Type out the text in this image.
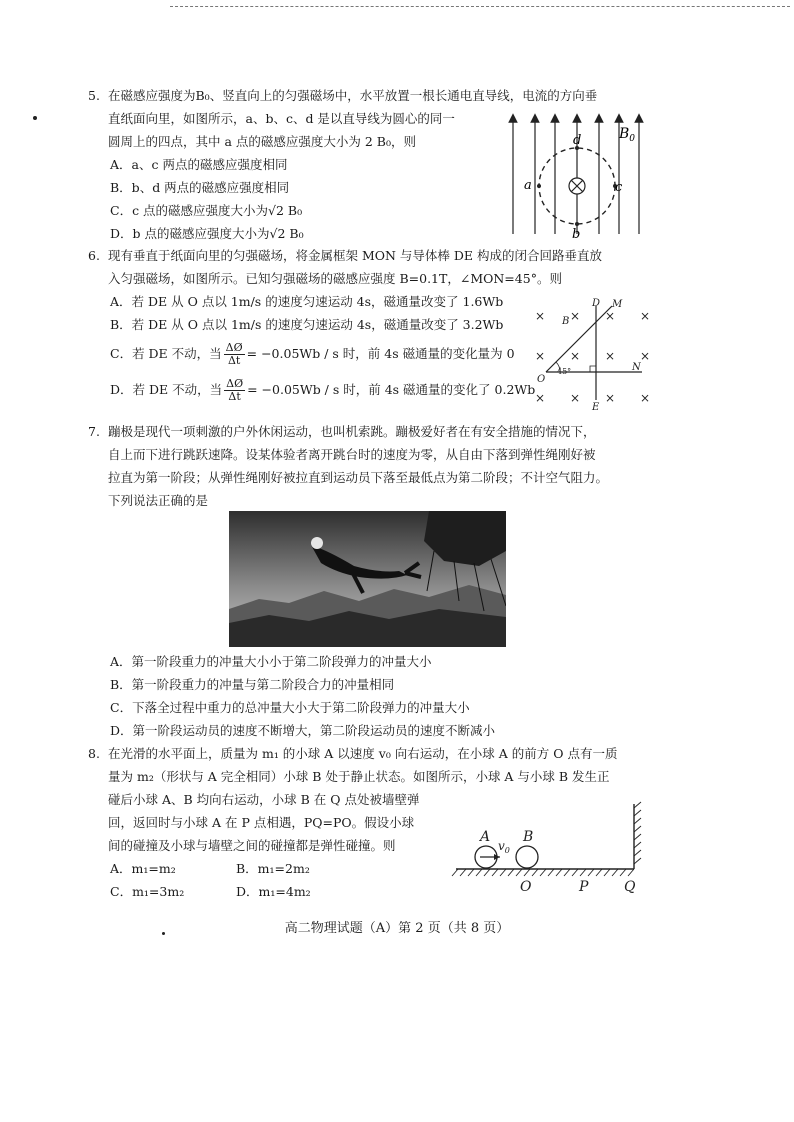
5. 在磁感应强度为B₀、竖直向上的匀强磁场中，水平放置一根长通电直导线，电流的方向垂
直纸面向里，如图所示，a、b、c、d 是以直导线为圆心的同一
圆周上的四点，其中 a 点的磁感应强度大小为 2 B₀，则
A．a、c 两点的磁感应强度相同
B．b、d 两点的磁感应强度相同
C．c 点的磁感应强度大小为√2 B₀
D．b 点的磁感应强度大小为√2 B₀
d
a	c
b
$B_0$
6. 现有垂直于纸面向里的匀强磁场，将金属框架 MON 与导体棒 DE 构成的闭合回路垂直放
入匀强磁场，如图所示。已知匀强磁场的磁感应强度 B=0.1T，∠MON=45°。则
A．若 DE 从 O 点以 1m/s 的速度匀速运动 4s，磁通量改变了 1.6Wb
B．若 DE 从 O 点以 1m/s 的速度匀速运动 4s，磁通量改变了 3.2Wb
C．若 DE 不动，当 $\frac{\Delta Ø}{\Delta t} = -0.05Wb / s$ 时，前 4s 磁通量的变化量为 0
D．若 DE 不动，当 $\frac{\Delta Ø}{\Delta t} = -0.05Wb / s$ 时，前 4s 磁通量的变化了 0.2Wb
× × × ×
× × × ×
× × × ×
D M
B
O
N
E
45°
7. 蹦极是现代一项刺激的户外休闲运动，也叫机索跳。蹦极爱好者在有安全措施的情况下，
自上而下进行跳跃速降。设某体验者离开跳台时的速度为零，从自由下落到弹性绳刚好被
拉直为第一阶段；从弹性绳刚好被拉直到运动员下落至最低点为第二阶段；不计空气阻力。
下列说法正确的是
A．第一阶段重力的冲量大小小于第二阶段弹力的冲量大小
B．第一阶段重力的冲量与第二阶段合力的冲量相同
C．下落全过程中重力的总冲量大小大于第二阶段弹力的冲量大小
D．第一阶段运动员的速度不断增大，第二阶段运动员的速度不断减小
8. 在光滑的水平面上，质量为 m₁ 的小球 A 以速度 v₀ 向右运动，在小球 A 的前方 O 点有一质
量为 m₂（形状与 A 完全相同）小球 B 处于静止状态。如图所示，小球 A 与小球 B 发生正
碰后小球 A、B 均向右运动，小球 B 在 Q 点处被墙壁弹
回，返回时与小球 A 在 P 点相遇，PQ=PO。假设小球
间的碰撞及小球与墙壁之间的碰撞都是弹性碰撞。则
A．m₁=m₂	B．m₁=2m₂
C．m₁=3m₂	D．m₁=4m₂
A B
O	P	Q
$v_0$
高二物理试题（A）第 2 页（共 8 页）
